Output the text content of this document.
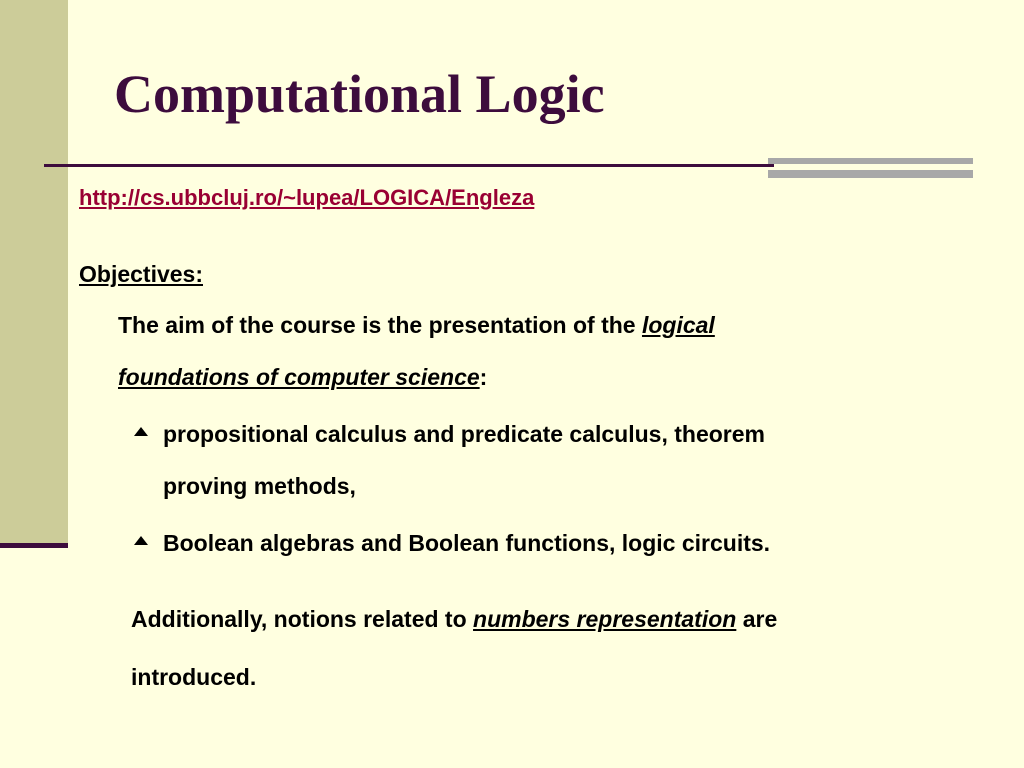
Computational Logic
http://cs.ubbcluj.ro/~lupea/LOGICA/Engleza
Objectives:
The aim of the course is the presentation of the logical
foundations of computer science:
propositional calculus and predicate calculus, theorem
proving methods,
Boolean algebras and Boolean functions, logic circuits.
Additionally, notions related to numbers representation are
introduced.
